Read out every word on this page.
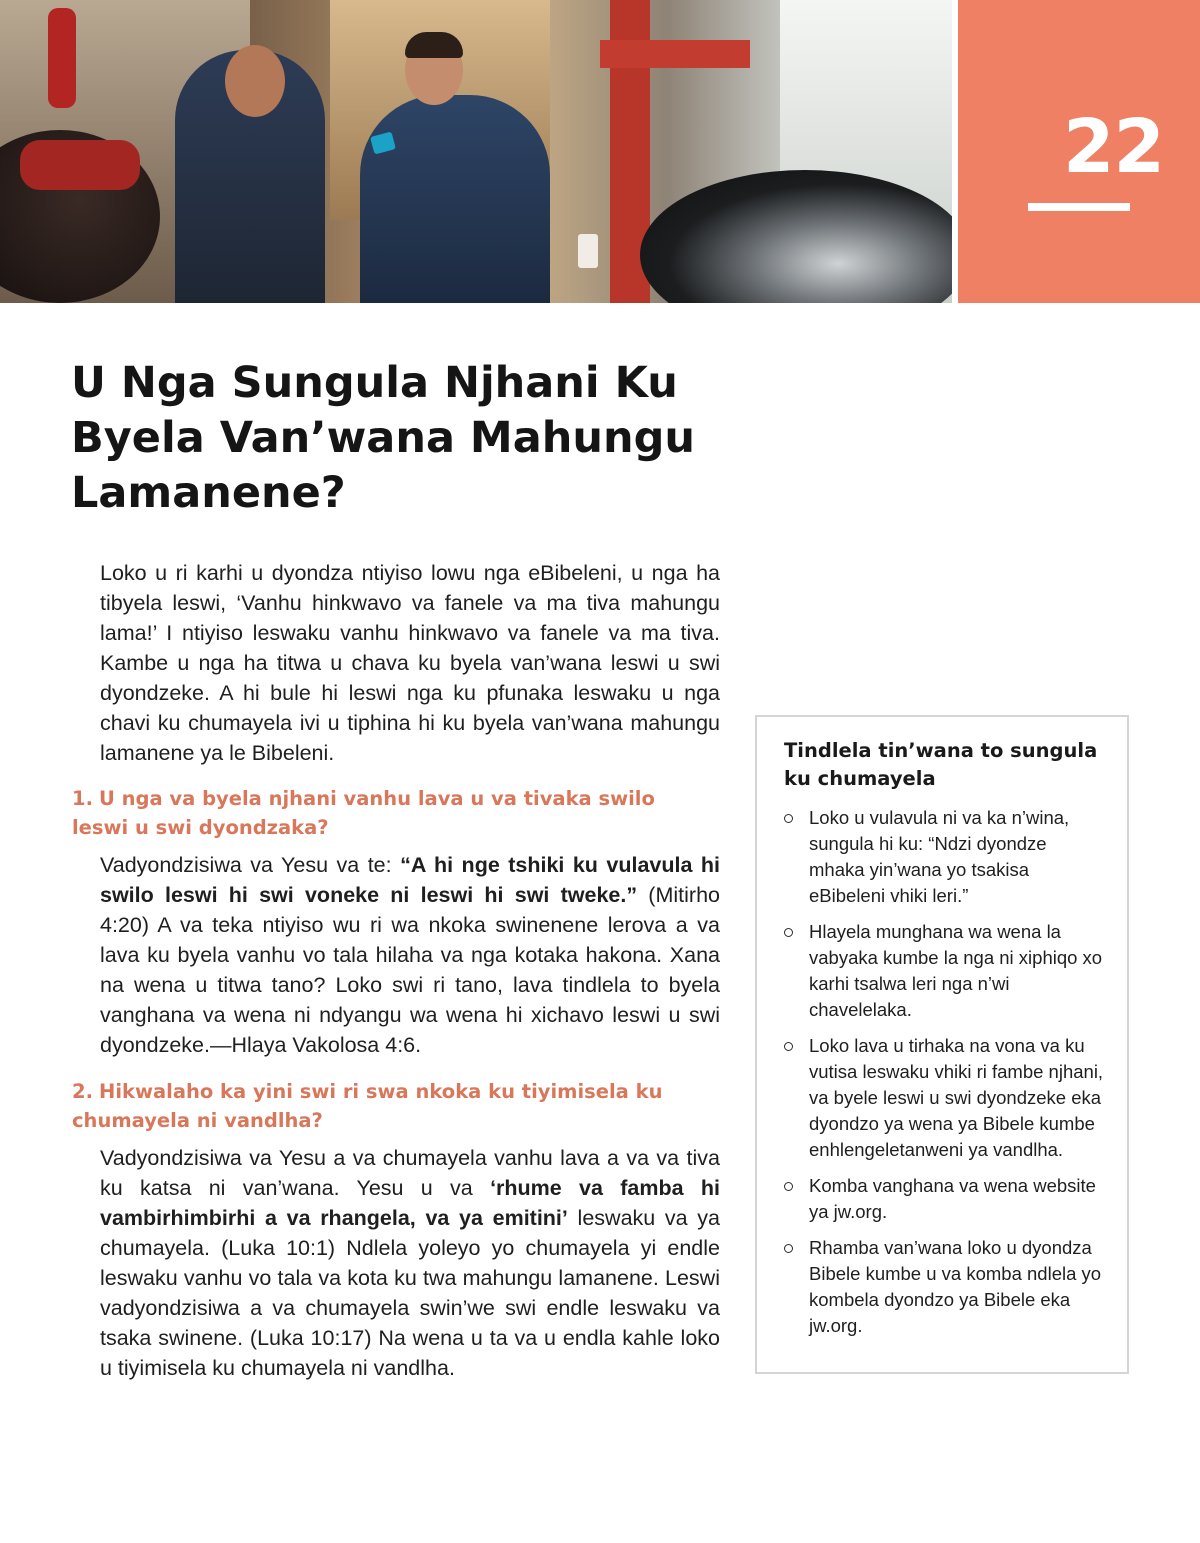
22
U Nga Sungula Njhani Ku Byela Van’wana Mahungu Lamanene?

Loko u ri karhi u dyondza ntiyiso lowu nga eBibeleni, u nga ha tibyela leswi, ‘Vanhu hinkwavo va fanele va ma tiva mahungu lama!’ I ntiyiso leswaku vanhu hinkwavo va fanele va ma tiva. Kambe u nga ha titwa u chava ku byela van’wana leswi u swi dyondzeke. A hi bule hi leswi nga ku pfunaka leswaku u nga chavi ku chumayela ivi u tiphina hi ku byela van’wana mahungu lamanene ya le Bibeleni.

1. U nga va byela njhani vanhu lava u va tivaka swilo leswi u swi dyondzaka?

Vadyondzisiwa va Yesu va te: “A hi nge tshiki ku vulavula hi swilo leswi hi swi voneke ni leswi hi swi tweke.” (Mitirho 4:20) A va teka ntiyiso wu ri wa nkoka swinenene lerova a va lava ku byela vanhu vo tala hilaha va nga kotaka hakona. Xana na wena u titwa tano? Loko swi ri tano, lava tindlela to byela vanghana va wena ni ndyangu wa wena hi xichavo leswi u swi dyondzeke.—Hlaya Vakolosa 4:6.

2. Hikwalaho ka yini swi ri swa nkoka ku tiyimisela ku chumayela ni vandlha?

Vadyondzisiwa va Yesu a va chumayela vanhu lava a va va tiva ku katsa ni van’wana. Yesu u va ‘rhume va famba hi vambirhimbirhi a va rhangela, va ya emitini’ leswaku va ya chumayela. (Luka 10:1) Ndlela yoleyo yo chumayela yi endle leswaku vanhu vo tala va kota ku twa mahungu lamanene. Leswi vadyondzisiwa a va chumayela swin’we swi endle leswaku va tsaka swinene. (Luka 10:17) Na wena u ta va u endla kahle loko u tiyimisela ku chumayela ni vandlha.

Tindlela tin’wana to sungula ku chumayela

Loko u vulavula ni va ka n’wina, sungula hi ku: “Ndzi dyondze mhaka yin’wana yo tsakisa eBibeleni vhiki leri.”
Hlayela munghana wa wena la vabyaka kumbe la nga ni xiphiqo xo karhi tsalwa leri nga n’wi chavelelaka.
Loko lava u tirhaka na vona va ku vutisa leswaku vhiki ri fambe njhani, va byele leswi u swi dyondzeke eka dyondzo ya wena ya Bibele kumbe enhlengeletanweni ya vandlha.
Komba vanghana va wena website ya jw.org.
Rhamba van’wana loko u dyondza Bibele kumbe u va komba ndlela yo kombela dyondzo ya Bibele eka jw.org.
